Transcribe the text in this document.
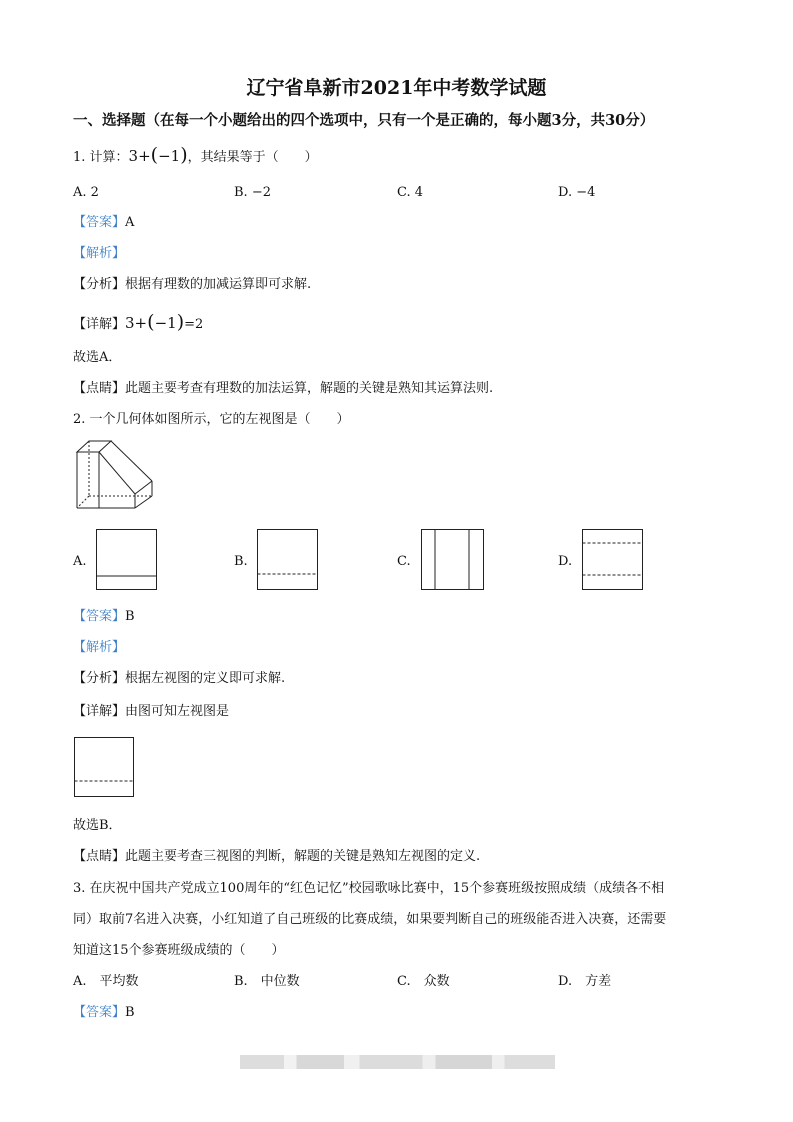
辽宁省阜新市2021年中考数学试题
一、选择题（在每一个小题给出的四个选项中，只有一个是正确的，每小题3分，共30分）
1. 计算：3+(−1)，其结果等于（　　）
A. 2	B. −2	C. 4	D. −4
【答案】A
【解析】
【分析】根据有理数的加减运算即可求解.
【详解】3+(−1)=2
故选A．
【点睛】此题主要考查有理数的加法运算，解题的关键是熟知其运算法则.
2. 一个几何体如图所示，它的左视图是（　　）
A.	B.	C.	D.
【答案】B
【解析】
【分析】根据左视图的定义即可求解.
【详解】由图可知左视图是
故选B．
【点睛】此题主要考查三视图的判断，解题的关键是熟知左视图的定义.
3. 在庆祝中国共产党成立100周年的“红色记忆”校园歌咏比赛中，15个参赛班级按照成绩（成绩各不相
同）取前7名进入决赛，小红知道了自己班级的比赛成绩，如果要判断自己的班级能否进入决赛，还需要
知道这15个参赛班级成绩的（　　）
A.　平均数	B.　中位数	C.　众数	D.　方差
【答案】B
